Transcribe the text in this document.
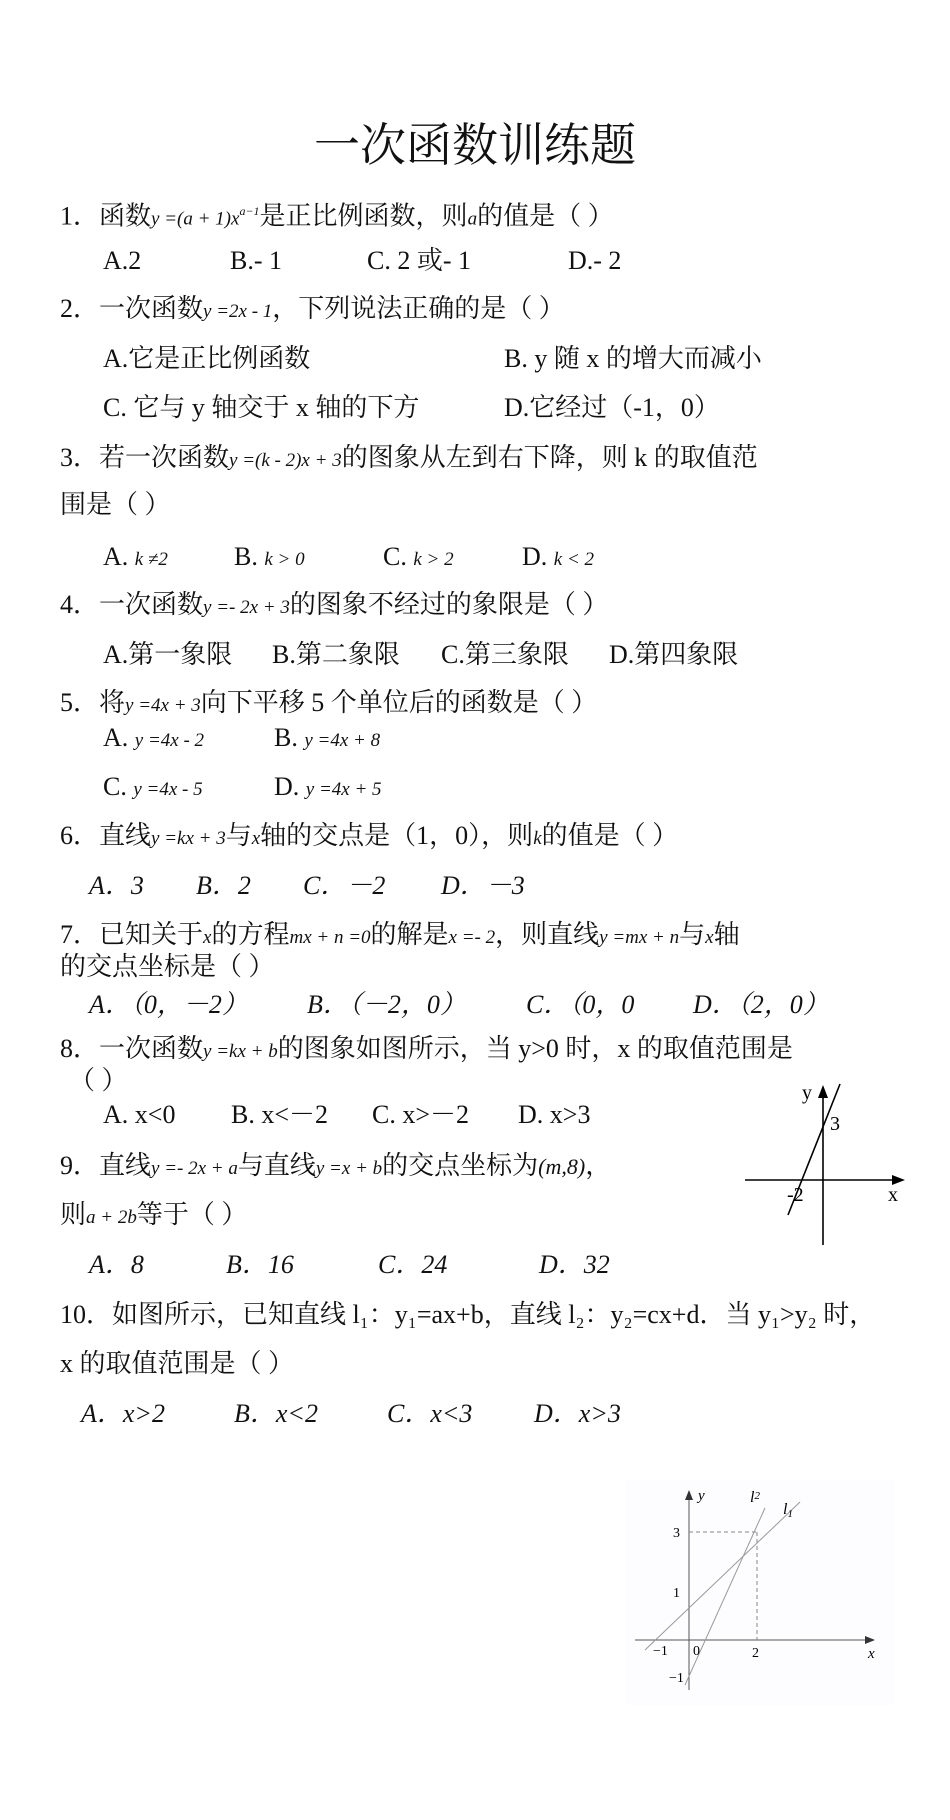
一次函数训练题
1．函数$y =(a + 1)x^{a-1}$是正比例函数，则a的值是（ ）
A.2	B.- 1	C. 2 或- 1	D.- 2
2．一次函数y =2x - 1，下列说法正确的是（ ）
A.它是正比例函数	B. y 随 x 的增大而减小
C. 它与 y 轴交于 x 轴的下方	D.它经过（-1，0）
3．若一次函数y =(k - 2)x + 3的图象从左到右下降，则 k 的取值范
围是（ ）
A. k ≠2	B. k > 0	C. k > 2	D. k < 2
4．一次函数y =- 2x + 3的图象不经过的象限是（ ）
A.第一象限 B.第二象限 C.第三象限 D.第四象限
5．将y =4x + 3向下平移 5 个单位后的函数是（ ）
A. y =4x - 2	B. y =4x + 8
C. y =4x - 5	D. y =4x + 5
6．直线y =kx + 3与x轴的交点是（1，0），则k的值是（ ）
A．3 B．2 C．－2 D．－3
7．已知关于x的方程mx + n =0的解是x =- 2，则直线y =mx + n与x轴
的交点坐标是（ ）
A．（0，－2） B．（－2，0） C．（0，0 D．（2，0）
8．一次函数y =kx + b的图象如图所示，当 y>0 时，x 的取值范围是
（ ）
A. x<0 B. x<－2 C. x>－2 D. x>3
y
x
3
-2
9．直线y =- 2x + a与直线y =x + b的交点坐标为(m,8)，
则a + 2b等于（ ）
A．8	B．16	C．24	D．32
10．如图所示，已知直线 l₁：y₁=ax+b，直线 l₂：y₂=cx+d．当 y₁>y₂ 时，
x 的取值范围是（ ）
A．x>2	B．x<2	C．x<3 D．x>3
y
x
l2
l1
3
1
−1 0	2
−1
